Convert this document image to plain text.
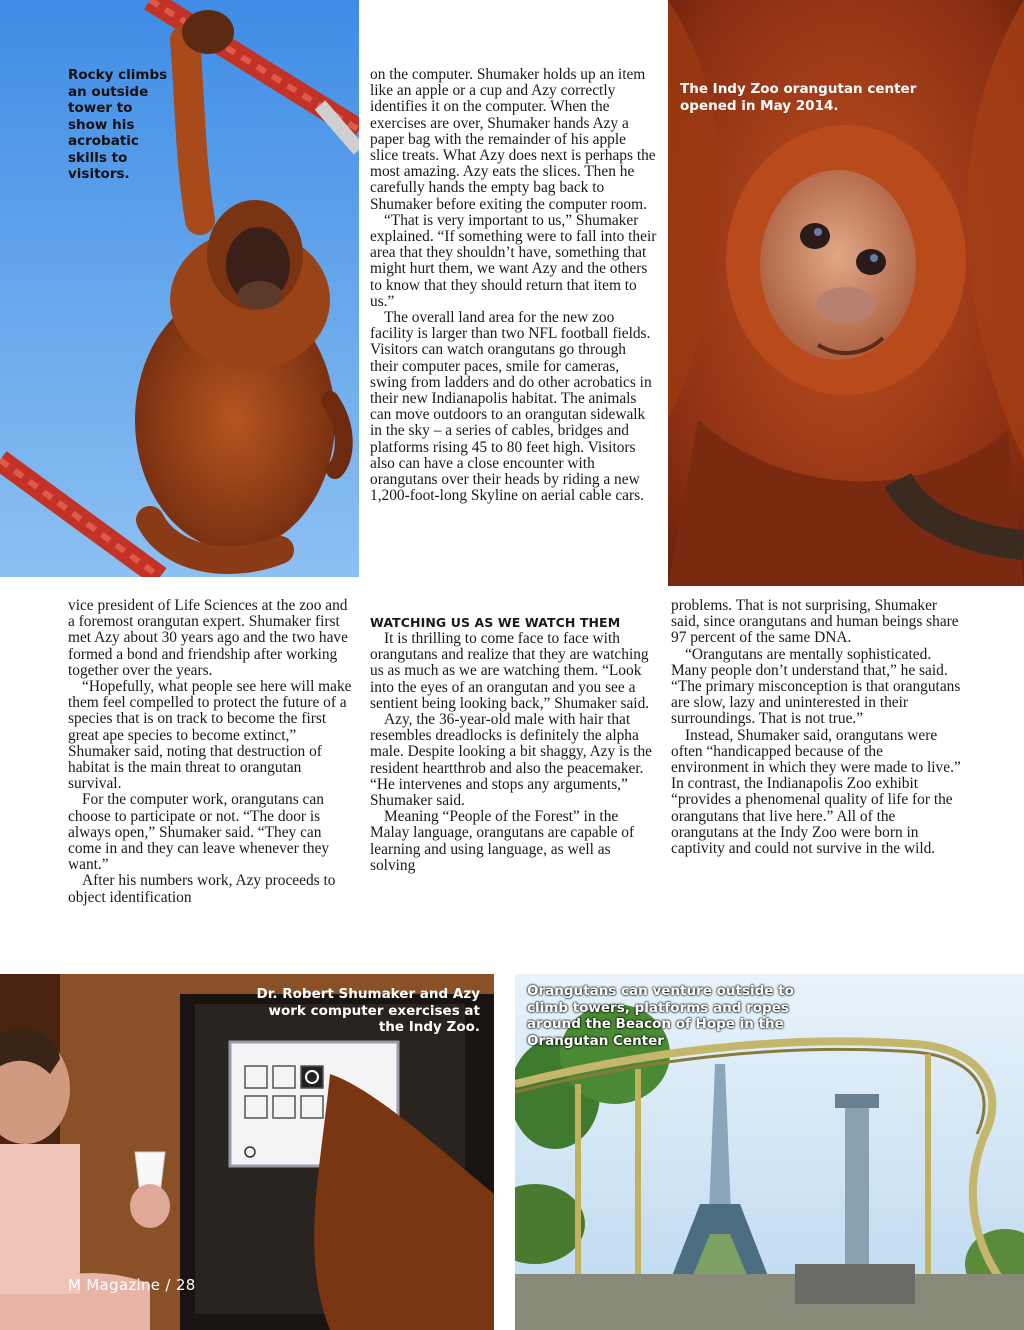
Rocky climbs
an outside
tower to
show his
acrobatic
skills to
visitors.
The Indy Zoo orangutan center
opened in May 2014.

on the computer. Shumaker holds up an item like an apple or a cup and Azy correctly identifies it on the computer. When the exercises are over, Shumaker hands Azy a paper bag with the remainder of his apple slice treats. What Azy does next is perhaps the most amazing. Azy eats the slices. Then he carefully hands the empty bag back to Shumaker before exiting the computer room.

“That is very important to us,” Shumaker explained. “If something were to fall into their area that they shouldn’t have, something that might hurt them, we want Azy and the others to know that they should return that item to us.”

The overall land area for the new zoo facility is larger than two NFL football fields. Visitors can watch orangutans go through their computer paces, smile for cameras, swing from ladders and do other acrobatics in their new Indianapolis habitat. The animals can move outdoors to an orangutan sidewalk in the sky – a series of cables, bridges and platforms rising 45 to 80 feet high. Visitors also can have a close encounter with orangutans over their heads by riding a new 1,200-foot-long Skyline on aerial cable cars.

vice president of Life Sciences at the zoo and a foremost orangutan expert. Shumaker first met Azy about 30 years ago and the two have formed a bond and friendship after working together over the years.

“Hopefully, what people see here will make them feel compelled to protect the future of a species that is on track to become the first great ape species to become extinct,” Shumaker said, noting that destruction of habitat is the main threat to orangutan survival.

For the computer work, orangutans can choose to participate or not. “The door is always open,” Shumaker said. “They can come in and they can leave whenever they want.”

After his numbers work, Azy proceeds to object identification

WATCHING US AS WE WATCH THEM

It is thrilling to come face to face with orangutans and realize that they are watching us as much as we are watching them. “Look into the eyes of an orangutan and you see a sentient being looking back,” Shumaker said.

Azy, the 36-year-old male with hair that resembles dreadlocks is definitely the alpha male. Despite looking a bit shaggy, Azy is the resident heartthrob and also the peacemaker. “He intervenes and stops any arguments,” Shumaker said.

Meaning “People of the Forest” in the Malay language, orangutans are capable of learning and using language, as well as solving

problems. That is not surprising, Shumaker said, since orangutans and human beings share 97 percent of the same DNA.

“Orangutans are mentally sophisticated. Many people don’t understand that,” he said. “The primary misconception is that orangutans are slow, lazy and uninterested in their surroundings. That is not true.”

Instead, Shumaker said, orangutans were often “handicapped because of the environment in which they were made to live.” In contrast, the Indianapolis Zoo exhibit “provides a phenomenal quality of life for the orangutans that live here.” All of the orangutans at the Indy Zoo were born in captivity and could not survive in the wild.

Dr. Robert Shumaker and Azy
work computer exercises at
the Indy Zoo.
M Magazine / 28
Orangutans can venture outside to
climb towers, platforms and ropes
around the Beacon of Hope in the
Orangutan Center
